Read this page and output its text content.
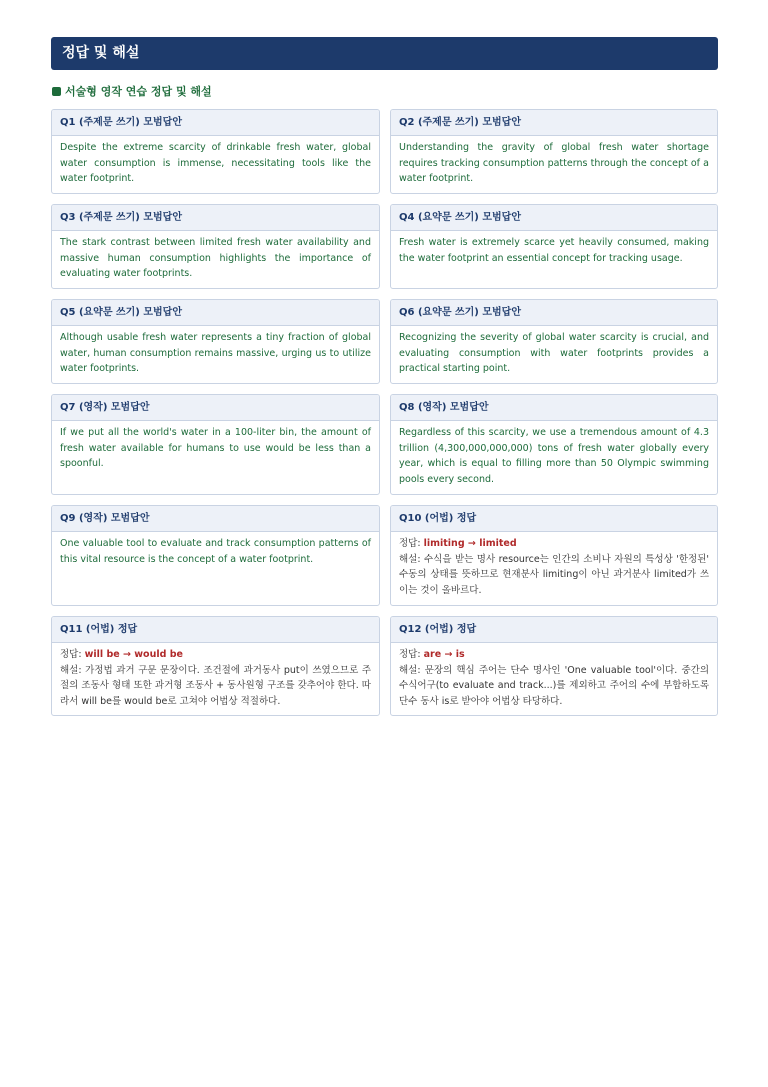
정답 및 해설
서술형 영작 연습 정답 및 해설
Q1 (주제문 쓰기) 모범답안
Despite the extreme scarcity of drinkable fresh water, global water consumption is immense, necessitating tools like the water footprint.
Q2 (주제문 쓰기) 모범답안
Understanding the gravity of global fresh water shortage requires tracking consumption patterns through the concept of a water footprint.
Q3 (주제문 쓰기) 모범답안
The stark contrast between limited fresh water availability and massive human consumption highlights the importance of evaluating water footprints.
Q4 (요약문 쓰기) 모범답안
Fresh water is extremely scarce yet heavily consumed, making the water footprint an essential concept for tracking usage.
Q5 (요약문 쓰기) 모범답안
Although usable fresh water represents a tiny fraction of global water, human consumption remains massive, urging us to utilize water footprints.
Q6 (요약문 쓰기) 모범답안
Recognizing the severity of global water scarcity is crucial, and evaluating consumption with water footprints provides a practical starting point.
Q7 (영작) 모범답안
If we put all the world's water in a 100-liter bin, the amount of fresh water available for humans to use would be less than a spoonful.
Q8 (영작) 모범답안
Regardless of this scarcity, we use a tremendous amount of 4.3 trillion (4,300,000,000,000) tons of fresh water globally every year, which is equal to filling more than 50 Olympic swimming pools every second.
Q9 (영작) 모범답안
One valuable tool to evaluate and track consumption patterns of this vital resource is the concept of a water footprint.
Q10 (어법) 정답
정답: limiting → limited
해설: 수식을 받는 명사 resource는 인간의 소비나 자원의 특성상 '한정된' 수동의 상태를 뜻하므로 현재분사 limiting이 아닌 과거분사 limited가 쓰이는 것이 올바르다.
Q11 (어법) 정답
정답: will be → would be
해설: 가정법 과거 구문 문장이다. 조건절에 과거동사 put이 쓰였으므로 주절의 조동사 형태 또한 과거형 조동사 + 동사원형 구조를 갖추어야 한다. 따라서 will be를 would be로 고쳐야 어법상 적절하다.
Q12 (어법) 정답
정답: are → is
해설: 문장의 핵심 주어는 단수 명사인 'One valuable tool'이다. 중간의 수식어구(to evaluate and track...)를 제외하고 주어의 수에 부합하도록 단수 동사 is로 받아야 어법상 타당하다.
